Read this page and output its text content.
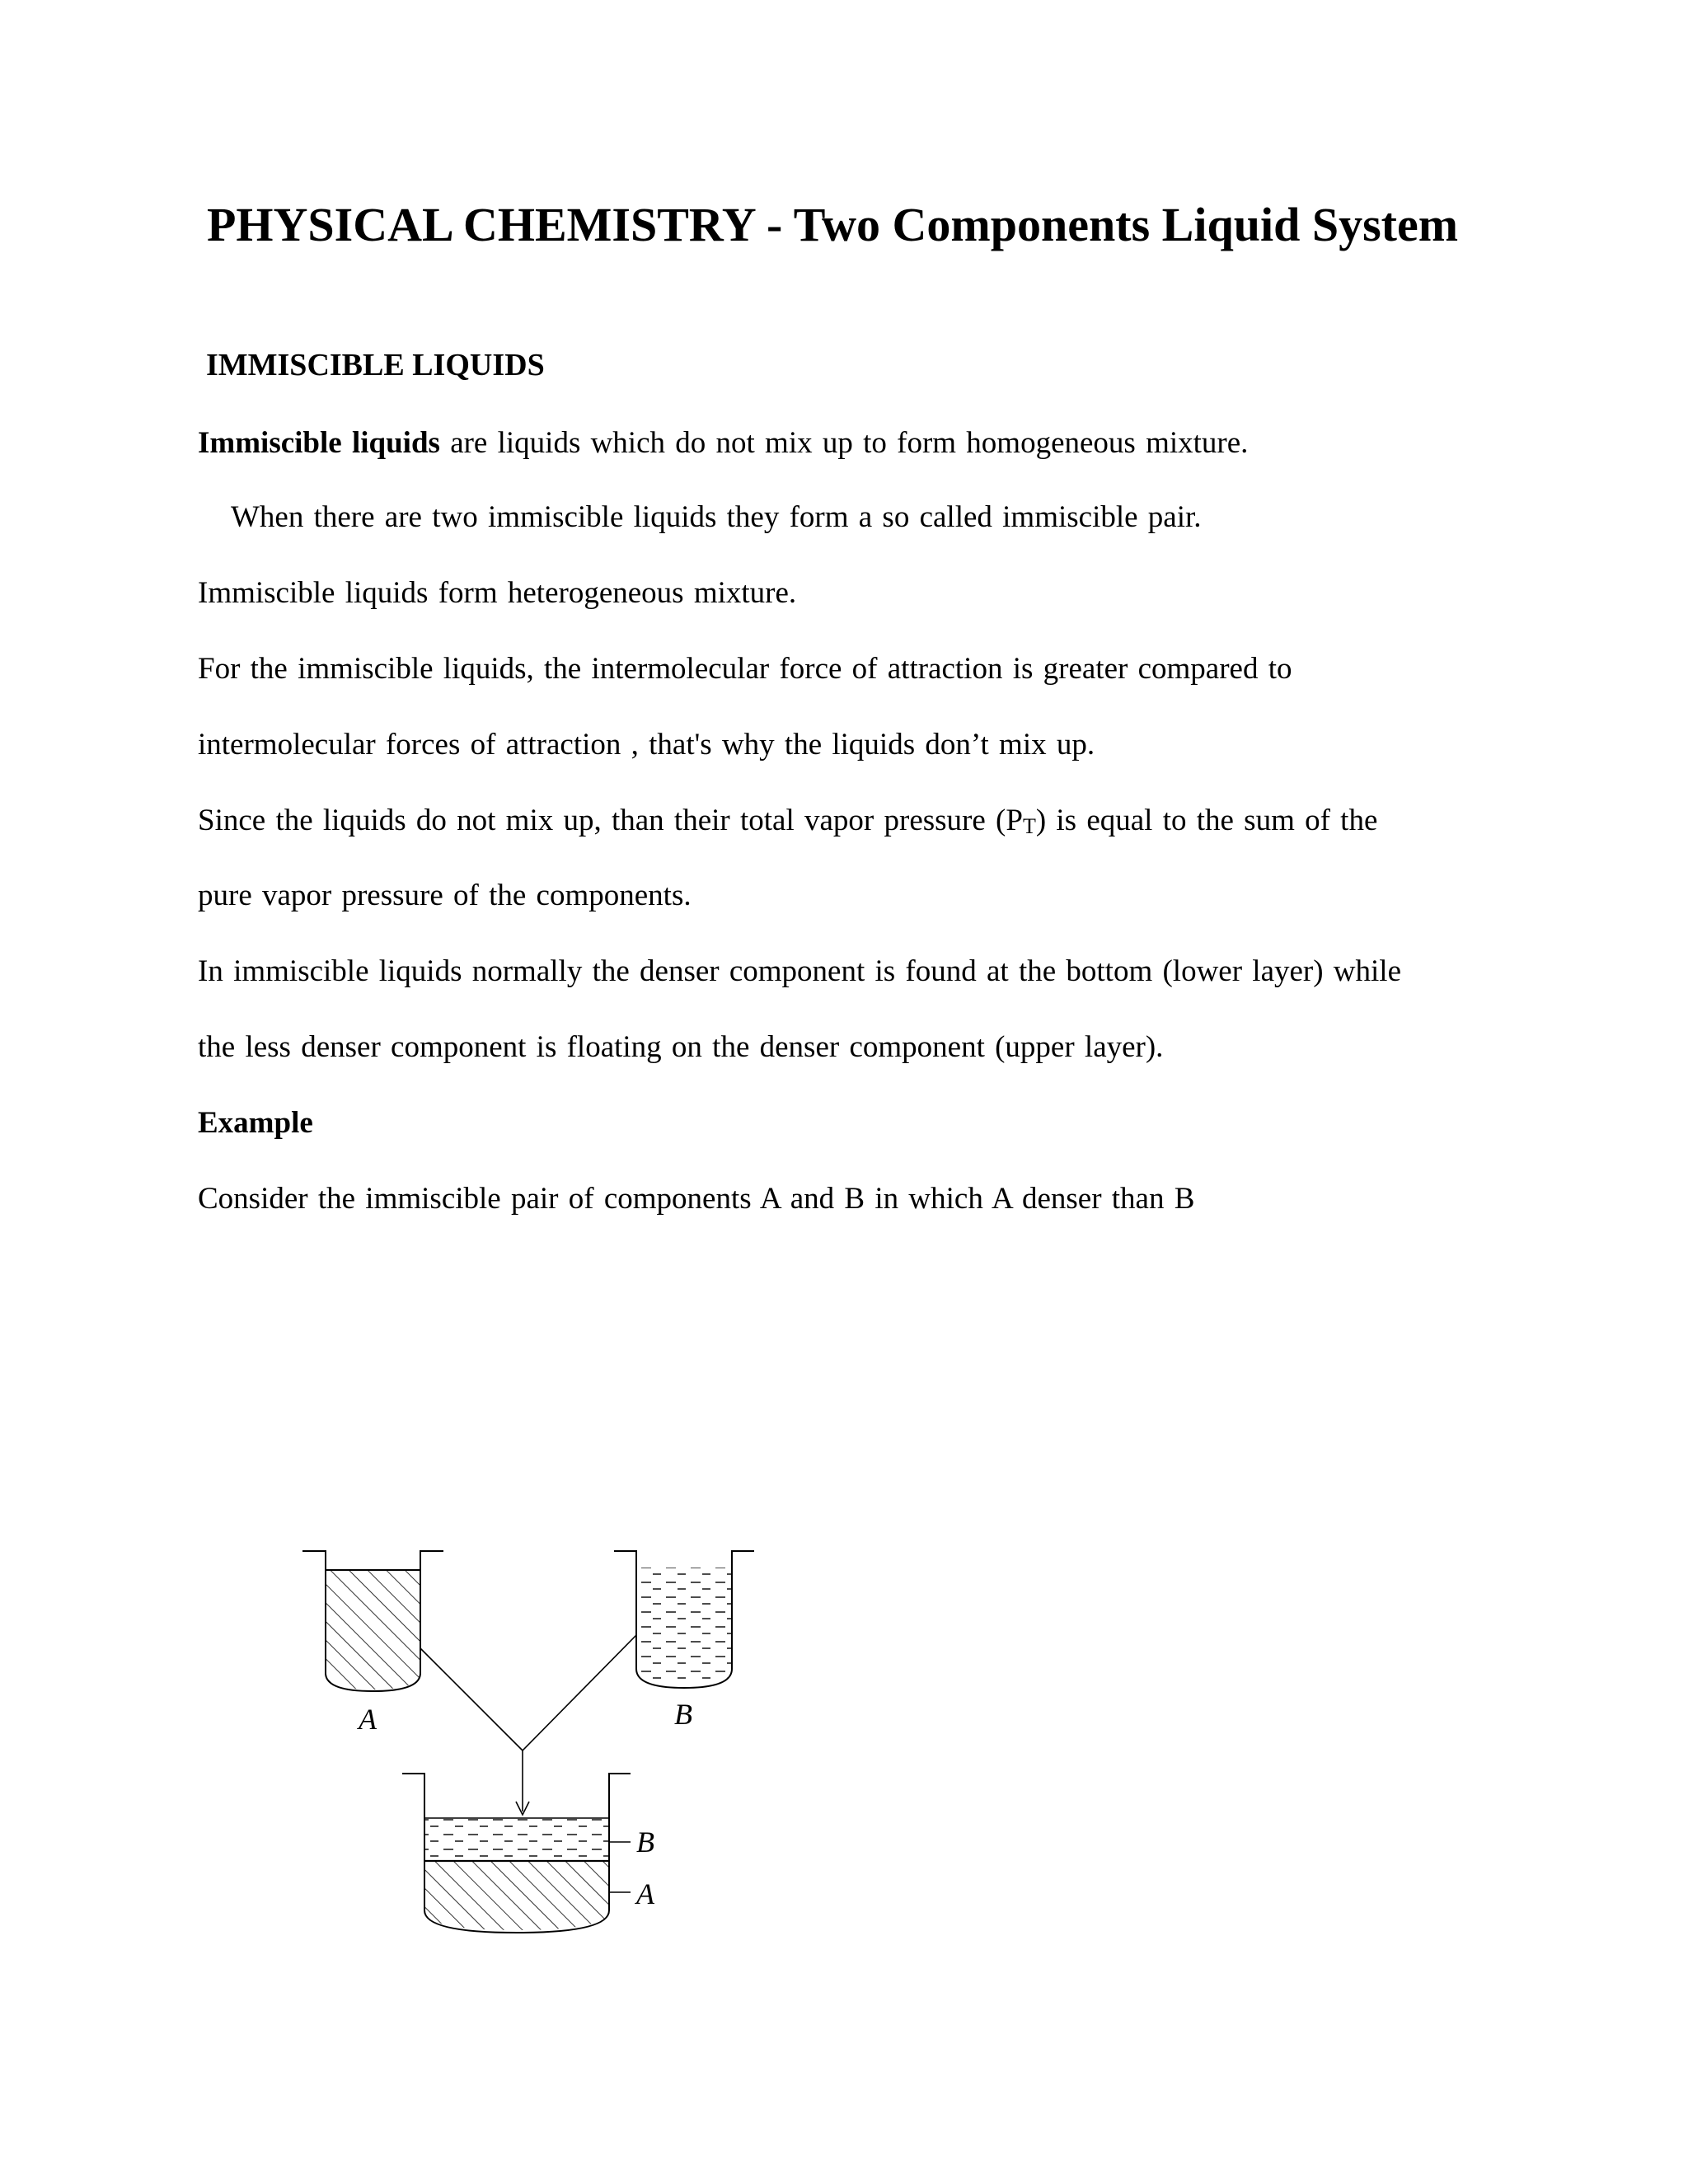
PHYSICAL CHEMISTRY - Two Components Liquid System
IMMISCIBLE LIQUIDS

Immiscible liquids are liquids which do not mix up to form homogeneous mixture.

When there are two immiscible liquids they form a so called immiscible pair.

Immiscible liquids form heterogeneous mixture.

For the immiscible liquids, the intermolecular force of attraction is greater compared to

intermolecular forces of attraction , that's why the liquids don’t mix up.

Since the liquids do not mix up, than their total vapor pressure $(P_T)$ is equal to the sum of the

pure vapor pressure of the components.

In immiscible liquids normally the denser component is found at the bottom (lower layer) while

the less denser component is floating on the denser component (upper layer).

Example

Consider the immiscible pair of components A and B in which A denser than B

A	B
B
A
